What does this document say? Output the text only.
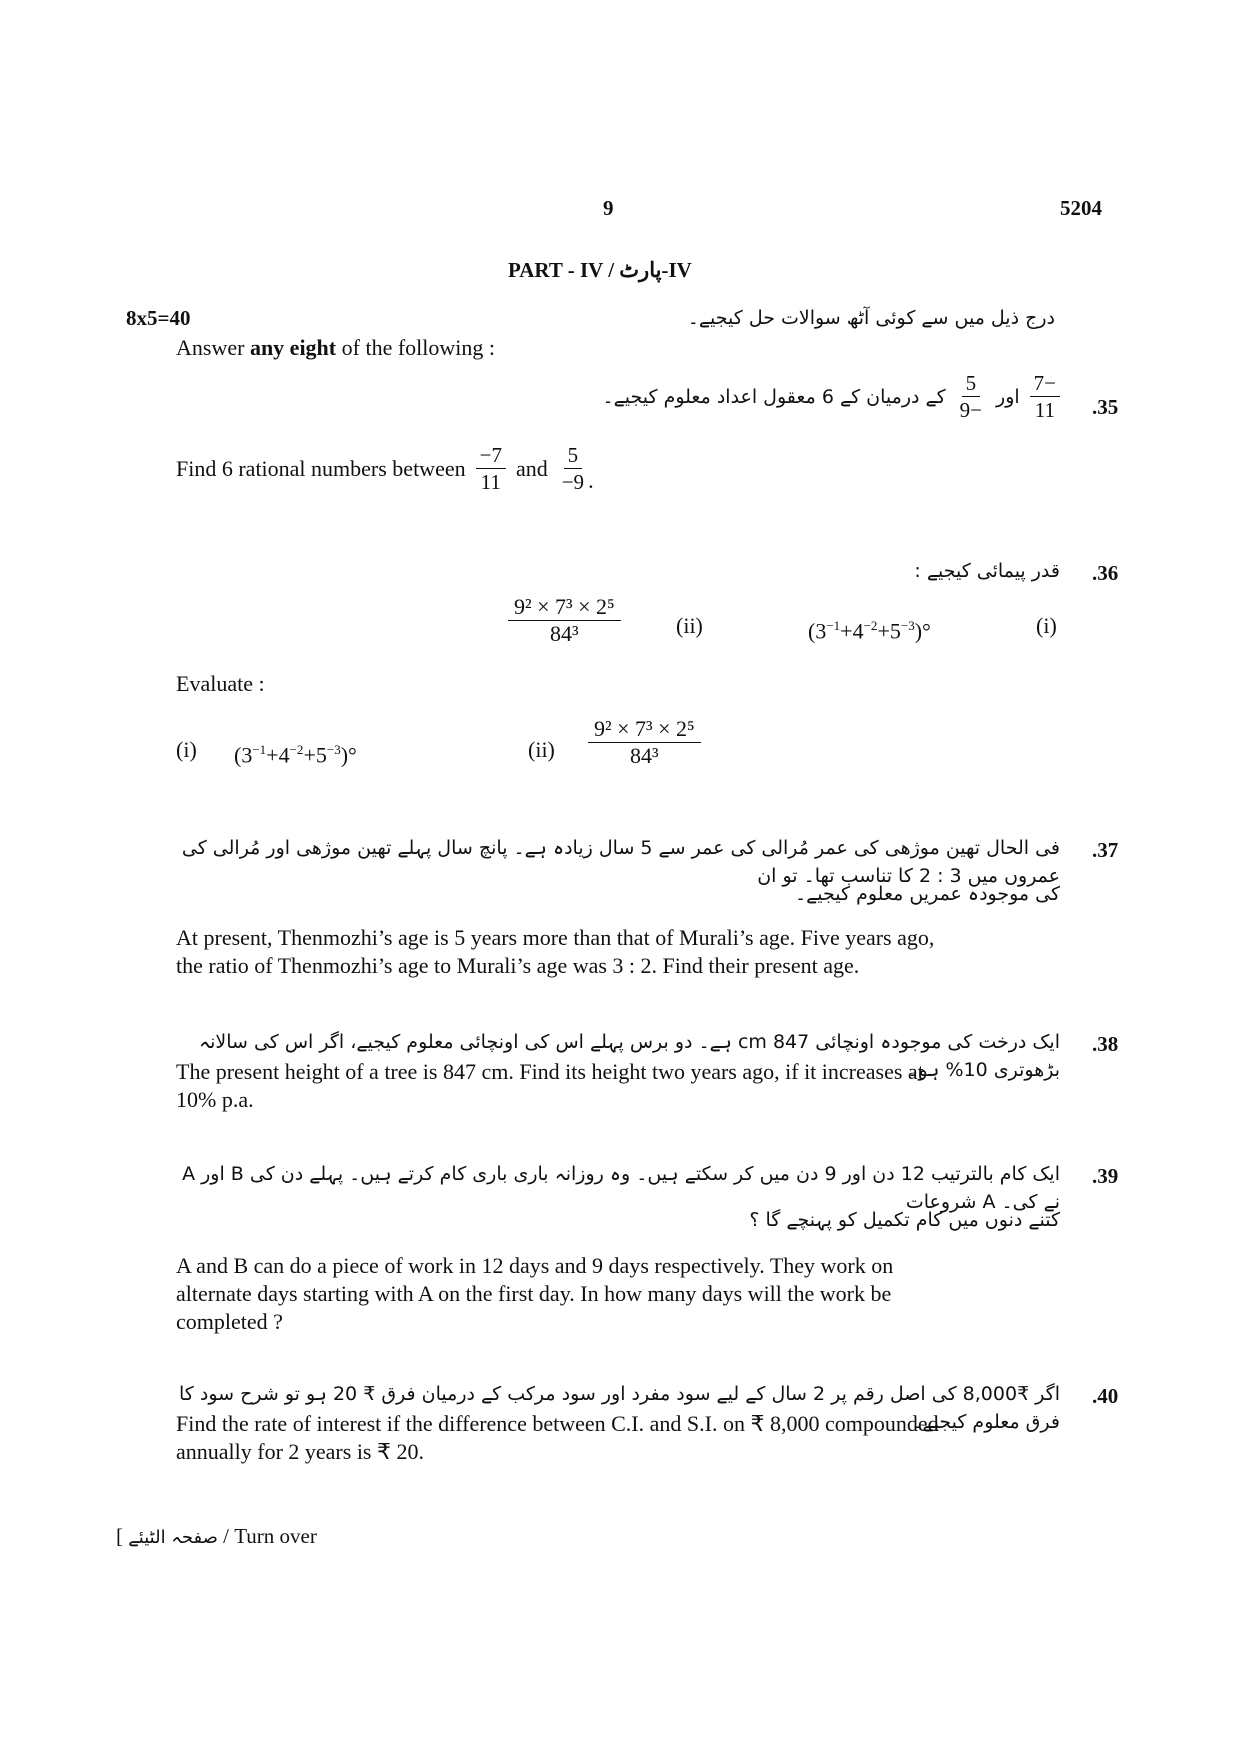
9	5204
PART - IV / IV-پارٹ
8x5=40	درج ذیل میں سے کوئی آٹھ سوالات حل کیجیے۔
Answer any eight of the following :
.35
$\frac{-7}{11}$
اور
$\frac{5}{-9}$
کے درمیان کے 6 معقول اعداد معلوم کیجیے۔
Find 6 rational numbers between $\frac{-7}{11}$ and $\frac{5}{-9}$ .
.36
قدر پیمائی کیجیے :
(i)
$(3^{-1}+4^{-2}+5^{-3})^\circ$
(ii)
$\frac{\text{9² × 7³ × 2⁵}}{\text{84³}}$
Evaluate :
(i) $(3^{-1}+4^{-2}+5^{-3})^\circ$	$(ii) \frac{\text{9² × 7³ × 2⁵}}{\text{84³}}$
.37
فی الحال تھین موژھی کی عمر مُرالی کی عمر سے 5 سال زیادہ ہے۔ پانچ سال پہلے تھین موژھی اور مُرالی کی عمروں میں 3 : 2 کا تناسب تھا۔ تو ان
کی موجودہ عمریں معلوم کیجیے۔
At present, Thenmozhi’s age is 5 years more than that of Murali’s age. Five years ago,
the ratio of Thenmozhi’s age to Murali’s age was 3 : 2. Find their present age.
.38
ایک درخت کی موجودہ اونچائی 847 cm ہے۔ دو برس پہلے اس کی اونچائی معلوم کیجیے، اگر اس کی سالانہ بڑھوتری 10% ہو۔
The present height of a tree is 847 cm. Find its height two years ago, if it increases at
10% p.a.
.39
A اور B ایک کام بالترتیب 12 دن اور 9 دن میں کر سکتے ہیں۔ وہ روزانہ باری باری کام کرتے ہیں۔ پہلے دن کی شروعات A نے کی۔
کتنے دنوں میں کام تکمیل کو پہنچے گا ؟
A and B can do a piece of work in 12 days and 9 days respectively. They work on
alternate days starting with A on the first day. In how many days will the work be
completed ?
.40
اگر ₹8,000 کی اصل رقم پر 2 سال کے لیے سود مفرد اور سود مرکب کے درمیان فرق ₹ 20 ہو تو شرح سود کا فرق معلوم کیجیے۔
Find the rate of interest if the difference between C.I. and S.I. on ₹ 8,000 compounded
annually for 2 years is ₹ 20.
[ صفحہ الٹیئے / Turn over
